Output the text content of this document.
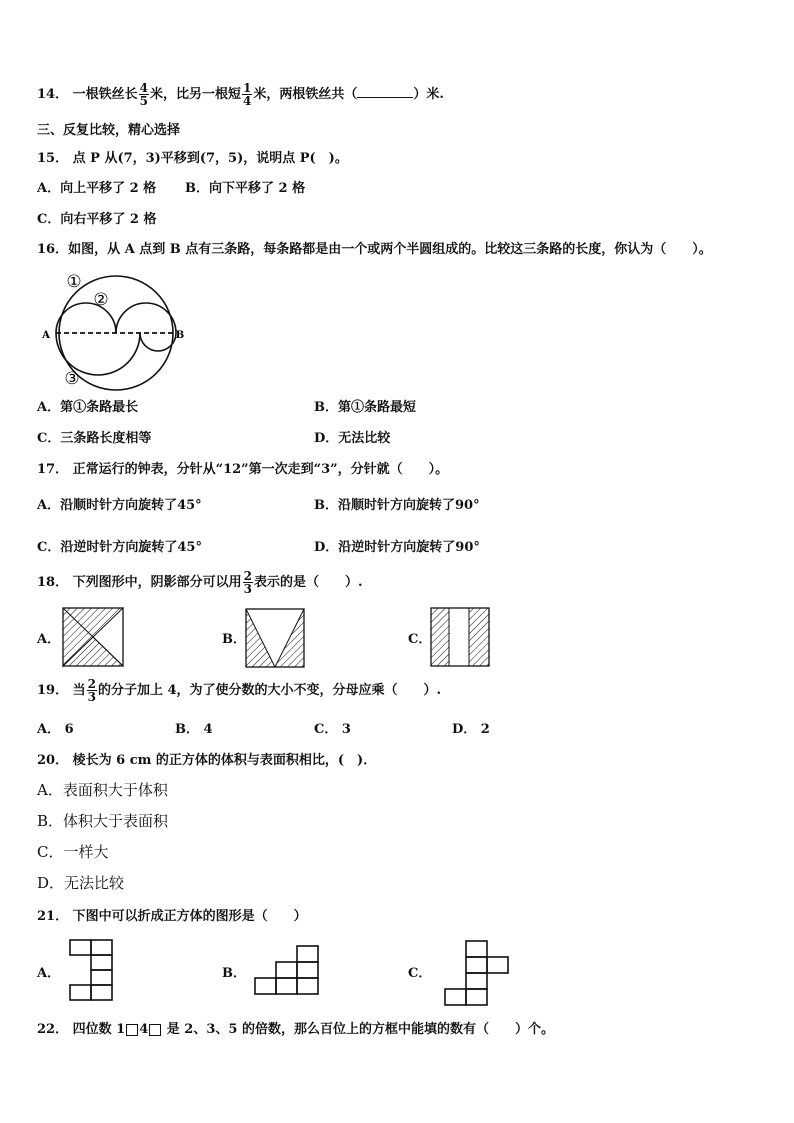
14． 一根铁丝长 $\frac{4}{5}$ 米，比另一根短 $\frac{1}{4}$ 米，两根铁丝共（	）米.
三、反复比较，精心选择
15． 点 P 从(7，3)平移到(7，5)，说明点 P(　)。
A．向上平移了 2 格 B．向下平移了 2 格
C．向右平移了 2 格
16．如图，从 A 点到 B 点有三条路，每条路都是由一个或两个半圆组成的。比较这三条路的长度，你认为（　　）。
①
②
③
A	B
A．第①条路最长	B．第①条路最短
C．三条路长度相等	D．无法比较
17． 正常运行的钟表，分针从“12”第一次走到“3”，分针就（　　）。
A．沿顺时针方向旋转了45°	B．沿顺时针方向旋转了90°
C．沿逆时针方向旋转了45°	D．沿逆时针方向旋转了90°
18． 下列图形中，阴影部分可以用 $\frac{2}{3}$ 表示的是（　　）.
A．	B．	C．
19． 当 $\frac{2}{3}$ 的分子加上 4，为了使分数的大小不变，分母应乘（　　）.
A． 6	B． 4	C． 3	D． 2
20． 棱长为 6 cm 的正方体的体积与表面积相比，(　)．
A．表面积大于体积
B．体积大于表面积
C．一样大
D．无法比较
21． 下图中可以折成正方体的图形是（　　）
A．	B．	C．
22． 四位数 1 4 是 2、3、5 的倍数，那么百位上的方框中能填的数有（　　）个。
